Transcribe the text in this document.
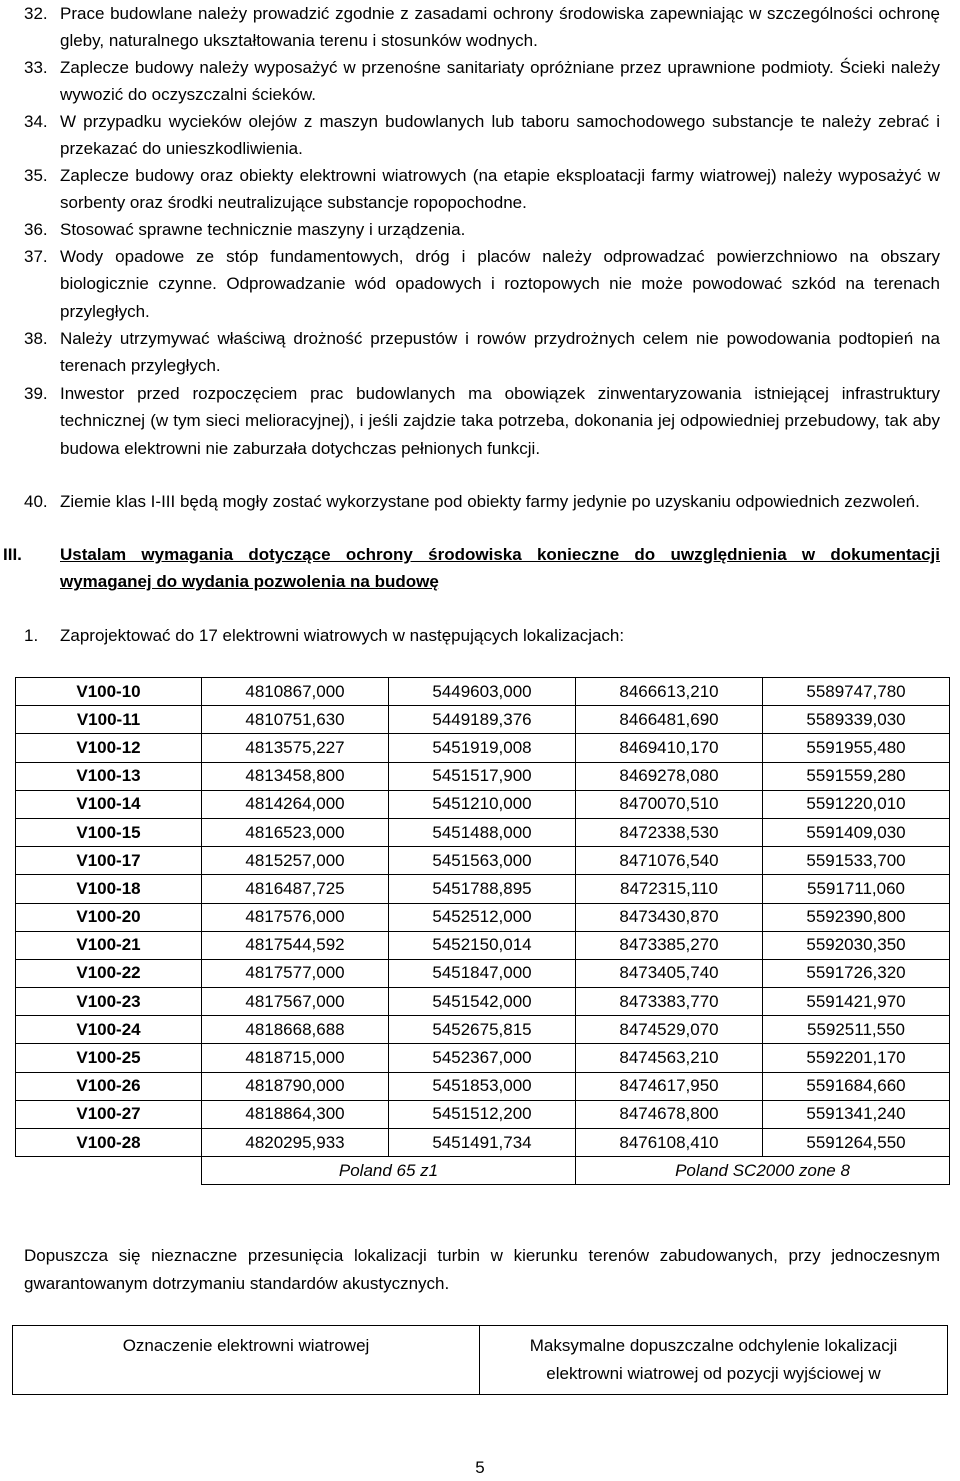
32. Prace budowlane należy prowadzić zgodnie z zasadami ochrony środowiska zapewniając w szczególności ochronę gleby, naturalnego ukształtowania terenu i stosunków wodnych.
33. Zaplecze budowy należy wyposażyć w przenośne sanitariaty opróżniane przez uprawnione podmioty. Ścieki należy wywozić do oczyszczalni ścieków.
34. W przypadku wycieków olejów z maszyn budowlanych lub taboru samochodowego substancje te należy zebrać i przekazać do unieszkodliwienia.
35. Zaplecze budowy oraz obiekty elektrowni wiatrowych (na etapie eksploatacji farmy wiatrowej) należy wyposażyć w sorbenty oraz środki neutralizujące substancje ropopochodne.
36. Stosować sprawne technicznie maszyny i urządzenia.
37. Wody opadowe ze stóp fundamentowych, dróg i placów należy odprowadzać powierzchniowo na obszary biologicznie czynne. Odprowadzanie wód opadowych i roztopowych nie może powodować szkód na terenach przyległych.
38. Należy utrzymywać właściwą drożność przepustów i rowów przydrożnych celem nie powodowania podtopień na terenach przyległych.
39. Inwestor przed rozpoczęciem prac budowlanych ma obowiązek zinwentaryzowania istniejącej infrastruktury technicznej (w tym sieci melioracyjnej), i jeśli zajdzie taka potrzeba, dokonania jej odpowiedniej przebudowy, tak aby budowa elektrowni nie zaburzała dotychczas pełnionych funkcji.
40. Ziemie klas I-III będą mogły zostać wykorzystane pod obiekty farmy jedynie po uzyskaniu odpowiednich zezwoleń.
III. Ustalam wymagania dotyczące ochrony środowiska konieczne do uwzględnienia w dokumentacji wymaganej do wydania pozwolenia na budowę
1.	Zaprojektować do 17 elektrowni wiatrowych w następujących lokalizacjach:
V100-10	4810867,000	5449603,000	8466613,210	5589747,780
V100-11	4810751,630	5449189,376	8466481,690	5589339,030
V100-12	4813575,227	5451919,008	8469410,170	5591955,480
V100-13	4813458,800	5451517,900	8469278,080	5591559,280
V100-14	4814264,000	5451210,000	8470070,510	5591220,010
V100-15	4816523,000	5451488,000	8472338,530	5591409,030
V100-17	4815257,000	5451563,000	8471076,540	5591533,700
V100-18	4816487,725	5451788,895	8472315,110	5591711,060
V100-20	4817576,000	5452512,000	8473430,870	5592390,800
V100-21	4817544,592	5452150,014	8473385,270	5592030,350
V100-22	4817577,000	5451847,000	8473405,740	5591726,320
V100-23	4817567,000	5451542,000	8473383,770	5591421,970
V100-24	4818668,688	5452675,815	8474529,070	5592511,550
V100-25	4818715,000	5452367,000	8474563,210	5592201,170
V100-26	4818790,000	5451853,000	8474617,950	5591684,660
V100-27	4818864,300	5451512,200	8474678,800	5591341,240
V100-28	4820295,933	5451491,734	8476108,410	5591264,550
	Poland 65 z1		Poland SC2000 zone 8	
Dopuszcza się nieznaczne przesunięcia lokalizacji turbin w kierunku terenów zabudowanych, przy jednoczesnym gwarantowanym dotrzymaniu standardów akustycznych.
Oznaczenie elektrowni wiatrowej	Maksymalne dopuszczalne odchylenie lokalizacji elektrowni wiatrowej od pozycji wyjściowej w
5
